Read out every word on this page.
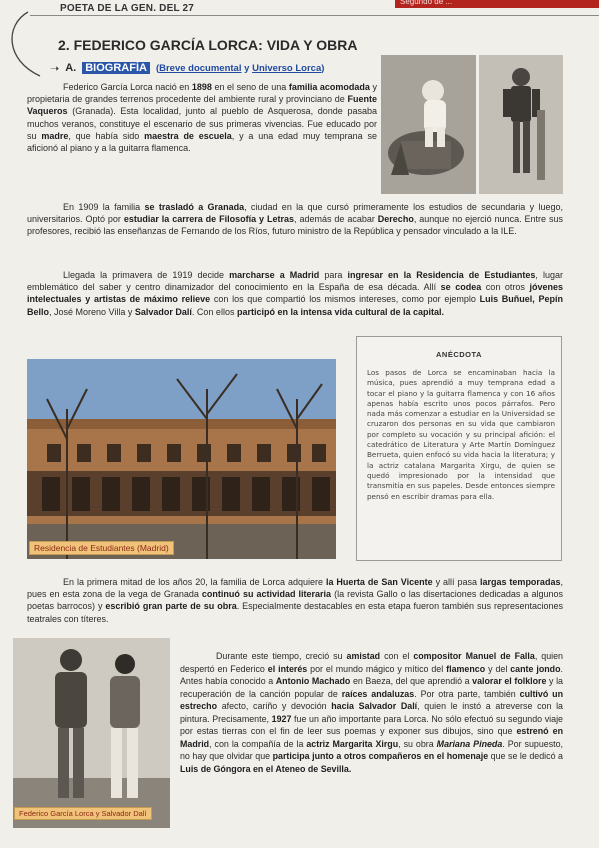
Segundo de ...
POETA DE LA GEN. DEL 27
2. FEDERICO GARCÍA LORCA: VIDA Y OBRA
➝ A. BIOGRAFÍA (Breve documental y Universo Lorca)
Federico García Lorca nació en 1898 en el seno de una familia acomodada y propietaria de grandes terrenos procedente del ambiente rural y provinciano de Fuente Vaqueros (Granada). Esta localidad, junto al pueblo de Asquerosa, donde pasaba muchos veranos, constituye el escenario de sus primeras vivencias. Fue educado por su madre, que había sido maestra de escuela, y a una edad muy temprana se aficionó al piano y a la guitarra flamenca.
En 1909 la familia se trasladó a Granada, ciudad en la que cursó primeramente los estudios de secundaria y luego, universitarios. Optó por estudiar la carrera de Filosofía y Letras, además de acabar Derecho, aunque no ejerció nunca. Entre sus profesores, recibió las enseñanzas de Fernando de los Ríos, futuro ministro de la República y pensador vinculado a la ILE.
Llegada la primavera de 1919 decide marcharse a Madrid para ingresar en la Residencia de Estudiantes, lugar emblemático del saber y centro dinamizador del conocimiento en la España de esa década. Allí se codea con otros jóvenes intelectuales y artistas de máximo relieve con los que compartió los mismos intereses, como por ejemplo Luis Buñuel, Pepín Bello, José Moreno Villa y Salvador Dalí. Con ellos participó en la intensa vida cultural de la capital.
Residencia de Estudiantes (Madrid)
ANÉCDOTA
Los pasos de Lorca se encaminaban hacia la música, pues aprendió a muy temprana edad a tocar el piano y la guitarra flamenca y con 16 años apenas había escrito unos pocos párrafos. Pero nada más comenzar a estudiar en la Universidad se cruzaron dos personas en su vida que cambiaron por completo su vocación y su principal afición: el catedrático de Literatura y Arte Martín Domínguez Berrueta, quien enfocó su vida hacia la literatura; y la actriz catalana Margarita Xirgu, de quien se quedó impresionado por la intensidad que transmitía en sus papeles. Desde entonces siempre pensó en escribir dramas para ella.
En la primera mitad de los años 20, la familia de Lorca adquiere la Huerta de San Vicente y allí pasa largas temporadas, pues en esta zona de la vega de Granada continuó su actividad literaria (la revista Gallo o las disertaciones dedicadas a algunos poetas barrocos) y escribió gran parte de su obra. Especialmente destacables en esta etapa fueron también sus representaciones teatrales con títeres.
Federico García Lorca y Salvador Dalí
Durante este tiempo, creció su amistad con el compositor Manuel de Falla, quien despertó en Federico el interés por el mundo mágico y mítico del flamenco y del cante jondo. Antes había conocido a Antonio Machado en Baeza, del que aprendió a valorar el folklore y la recuperación de la canción popular de raíces andaluzas. Por otra parte, también cultivó un estrecho afecto, cariño y devoción hacia Salvador Dalí, quien le instó a atreverse con la pintura. Precisamente, 1927 fue un año importante para Lorca. No sólo efectuó su segundo viaje por estas tierras con el fin de leer sus poemas y exponer sus dibujos, sino que estrenó en Madrid, con la compañía de la actriz Margarita Xirgu, su obra Mariana Pineda. Por supuesto, no hay que olvidar que participa junto a otros compañeros en el homenaje que se le dedicó a Luis de Góngora en el Ateneo de Sevilla.
